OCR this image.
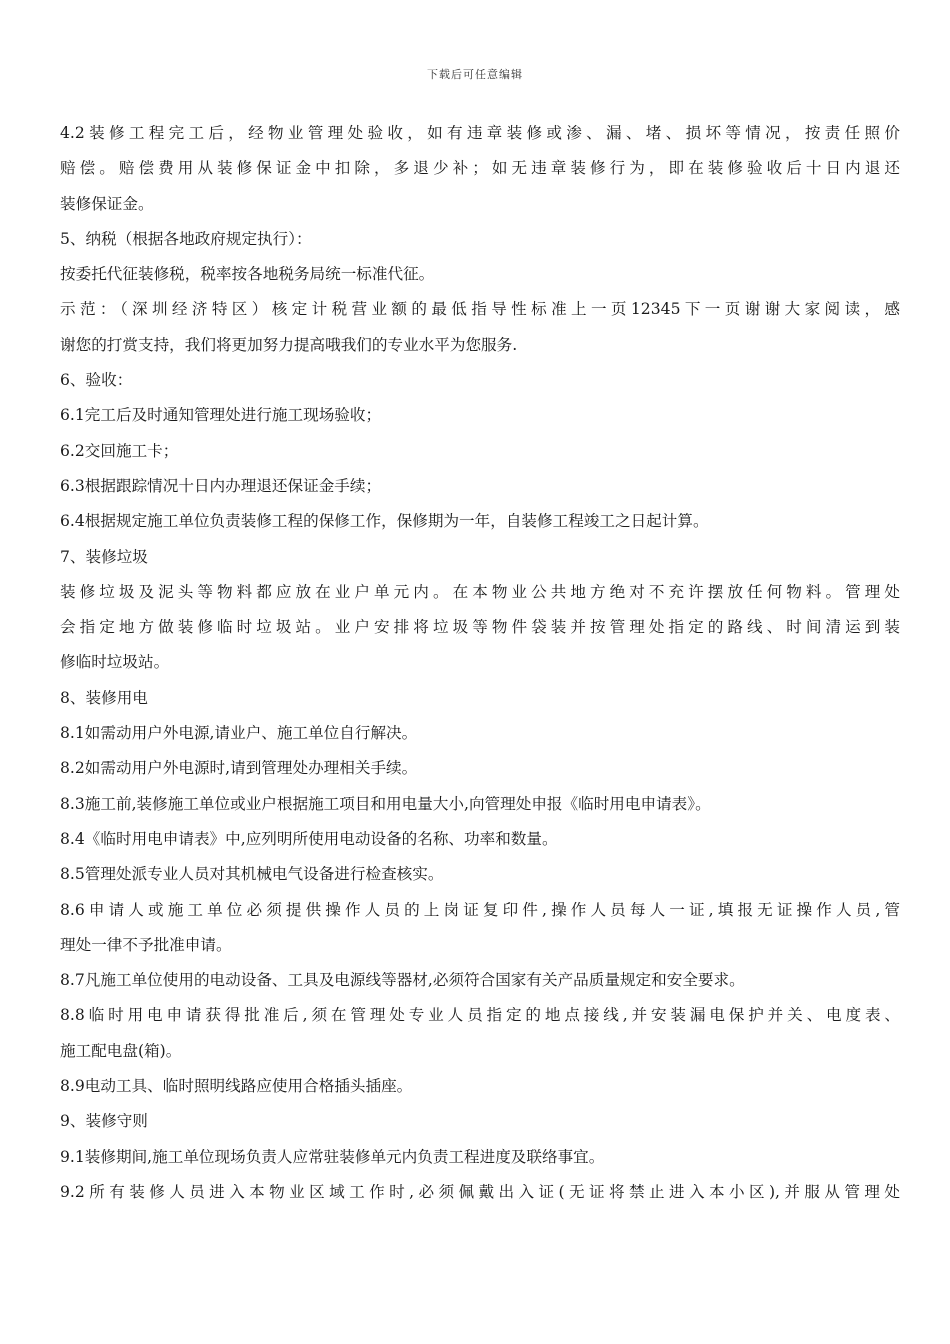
下载后可任意编辑
4.2装修工程完工后，经物业管理处验收，如有违章装修或渗、漏、堵、损坏等情况，按责任照价
赔偿。赔偿费用从装修保证金中扣除，多退少补；如无违章装修行为，即在装修验收后十日内退还
装修保证金。
5、纳税（根据各地政府规定执行）：
按委托代征装修税，税率按各地税务局统一标准代征。
示范：（深圳经济特区）核定计税营业额的最低指导性标准上一页12345下一页谢谢大家阅读，感
谢您的打赏支持，我们将更加努力提高哦我们的专业水平为您服务.
6、验收：
6.1完工后及时通知管理处进行施工现场验收；
6.2交回施工卡；
6.3根据跟踪情况十日内办理退还保证金手续；
6.4根据规定施工单位负责装修工程的保修工作，保修期为一年，自装修工程竣工之日起计算。
7、装修垃圾
装修垃圾及泥头等物料都应放在业户单元内。在本物业公共地方绝对不充许摆放任何物料。管理处
会指定地方做装修临时垃圾站。业户安排将垃圾等物件袋装并按管理处指定的路线、时间清运到装
修临时垃圾站。
8、装修用电
8.1如需动用户外电源,请业户、施工单位自行解决。
8.2如需动用户外电源时,请到管理处办理相关手续。
8.3施工前,装修施工单位或业户根据施工项目和用电量大小,向管理处申报《临时用电申请表》。
8.4《临时用电申请表》中,应列明所使用电动设备的名称、功率和数量。
8.5管理处派专业人员对其机械电气设备进行检查核实。
8.6申请人或施工单位必须提供操作人员的上岗证复印件,操作人员每人一证,填报无证操作人员,管
理处一律不予批准申请。
8.7凡施工单位使用的电动设备、工具及电源线等器材,必须符合国家有关产品质量规定和安全要求。
8.8临时用电申请获得批准后,须在管理处专业人员指定的地点接线,并安装漏电保护并关、电度表、
施工配电盘(箱)。
8.9电动工具、临时照明线路应使用合格插头插座。
9、装修守则
9.1装修期间,施工单位现场负责人应常驻装修单元内负责工程进度及联络事宜。
9.2所有装修人员进入本物业区域工作时,必须佩戴出入证(无证将禁止进入本小区),并服从管理处
